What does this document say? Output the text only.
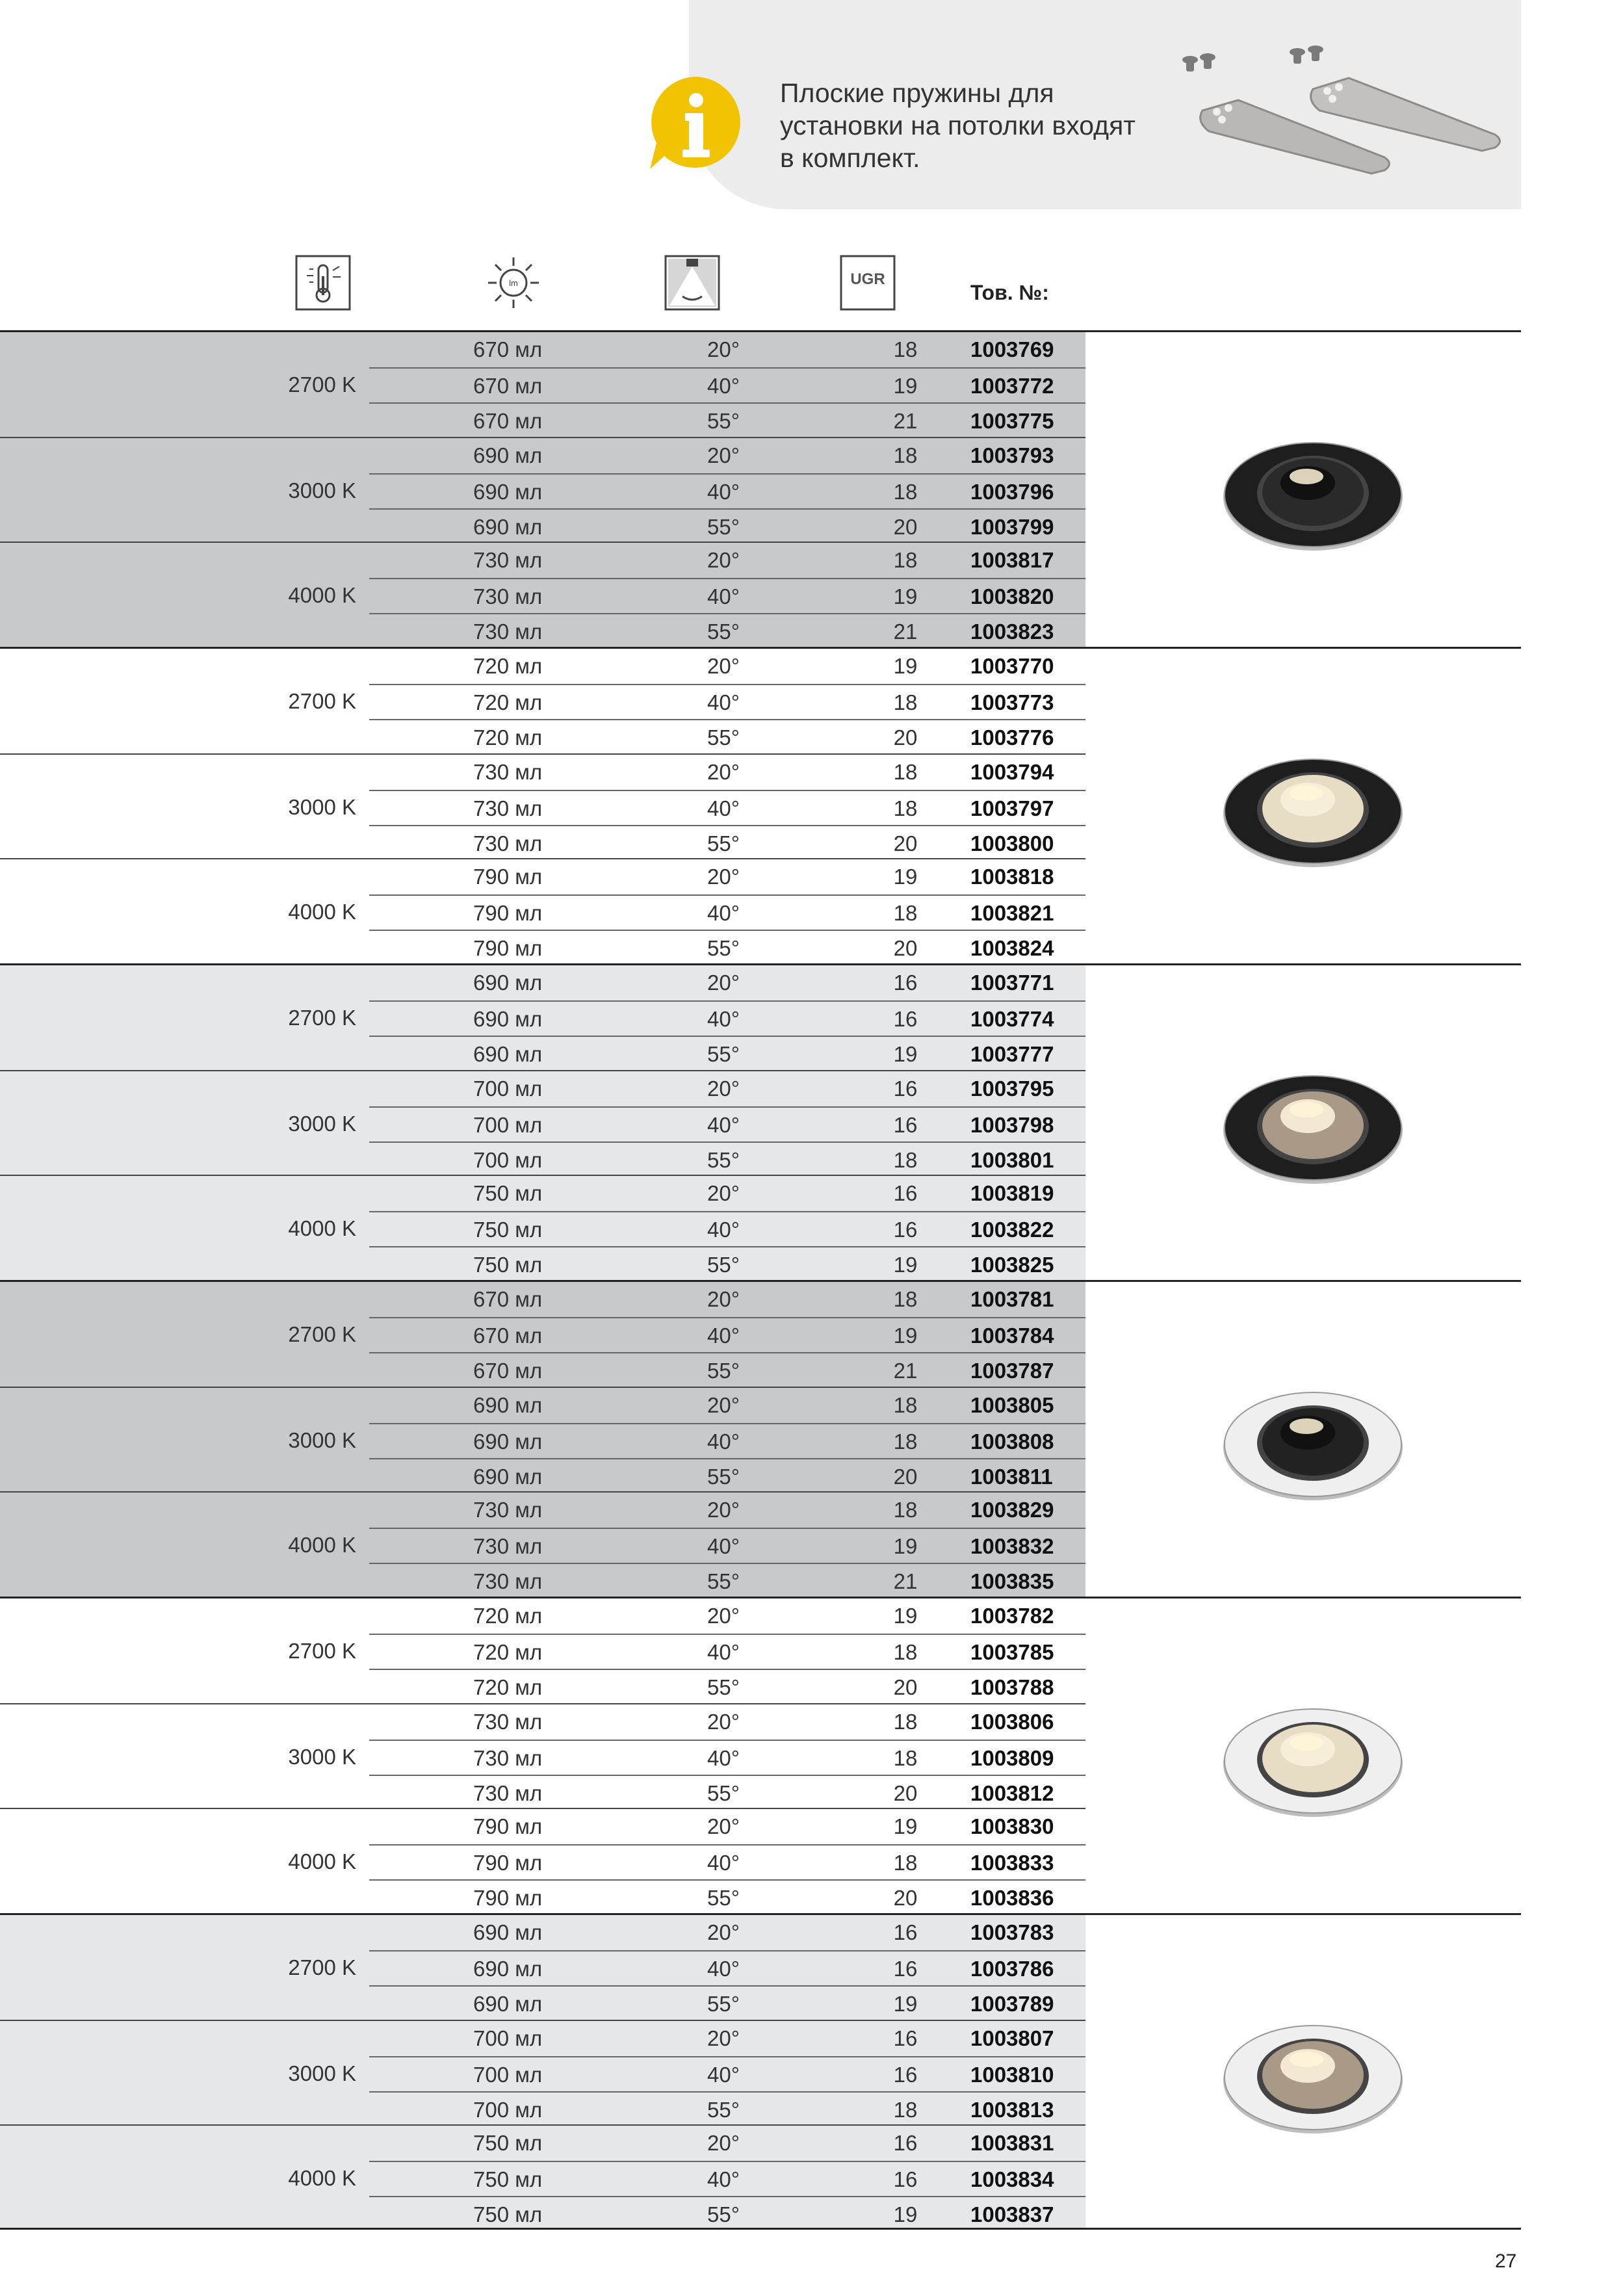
Плоские пружины для
установки на потолки входят
в комплект.
lm	UGR
Тов. №:
2700 K
670 мл	20°	18	1003769
670 мл	40°	19	1003772
670 мл	55°	21	1003775
3000 K
690 мл	20°	18	1003793
690 мл	40°	18	1003796
690 мл	55°	20	1003799
4000 K
730 мл	20°	18	1003817
730 мл	40°	19	1003820
730 мл	55°	21	1003823
2700 K
720 мл	20°	19	1003770
720 мл	40°	18	1003773
720 мл	55°	20	1003776
3000 K
730 мл	20°	18	1003794
730 мл	40°	18	1003797
730 мл	55°	20	1003800
4000 K
790 мл	20°	19	1003818
790 мл	40°	18	1003821
790 мл	55°	20	1003824
2700 K
690 мл	20°	16	1003771
690 мл	40°	16	1003774
690 мл	55°	19	1003777
3000 K
700 мл	20°	16	1003795
700 мл	40°	16	1003798
700 мл	55°	18	1003801
4000 K
750 мл	20°	16	1003819
750 мл	40°	16	1003822
750 мл	55°	19	1003825
2700 K
670 мл	20°	18	1003781
670 мл	40°	19	1003784
670 мл	55°	21	1003787
3000 K
690 мл	20°	18	1003805
690 мл	40°	18	1003808
690 мл	55°	20	1003811
4000 K
730 мл	20°	18	1003829
730 мл	40°	19	1003832
730 мл	55°	21	1003835
2700 K
720 мл	20°	19	1003782
720 мл	40°	18	1003785
720 мл	55°	20	1003788
3000 K
730 мл	20°	18	1003806
730 мл	40°	18	1003809
730 мл	55°	20	1003812
4000 K
790 мл	20°	19	1003830
790 мл	40°	18	1003833
790 мл	55°	20	1003836
2700 K
690 мл	20°	16	1003783
690 мл	40°	16	1003786
690 мл	55°	19	1003789
3000 K
700 мл	20°	16	1003807
700 мл	40°	16	1003810
700 мл	55°	18	1003813
4000 K
750 мл	20°	16	1003831
750 мл	40°	16	1003834
750 мл	55°	19	1003837
27
